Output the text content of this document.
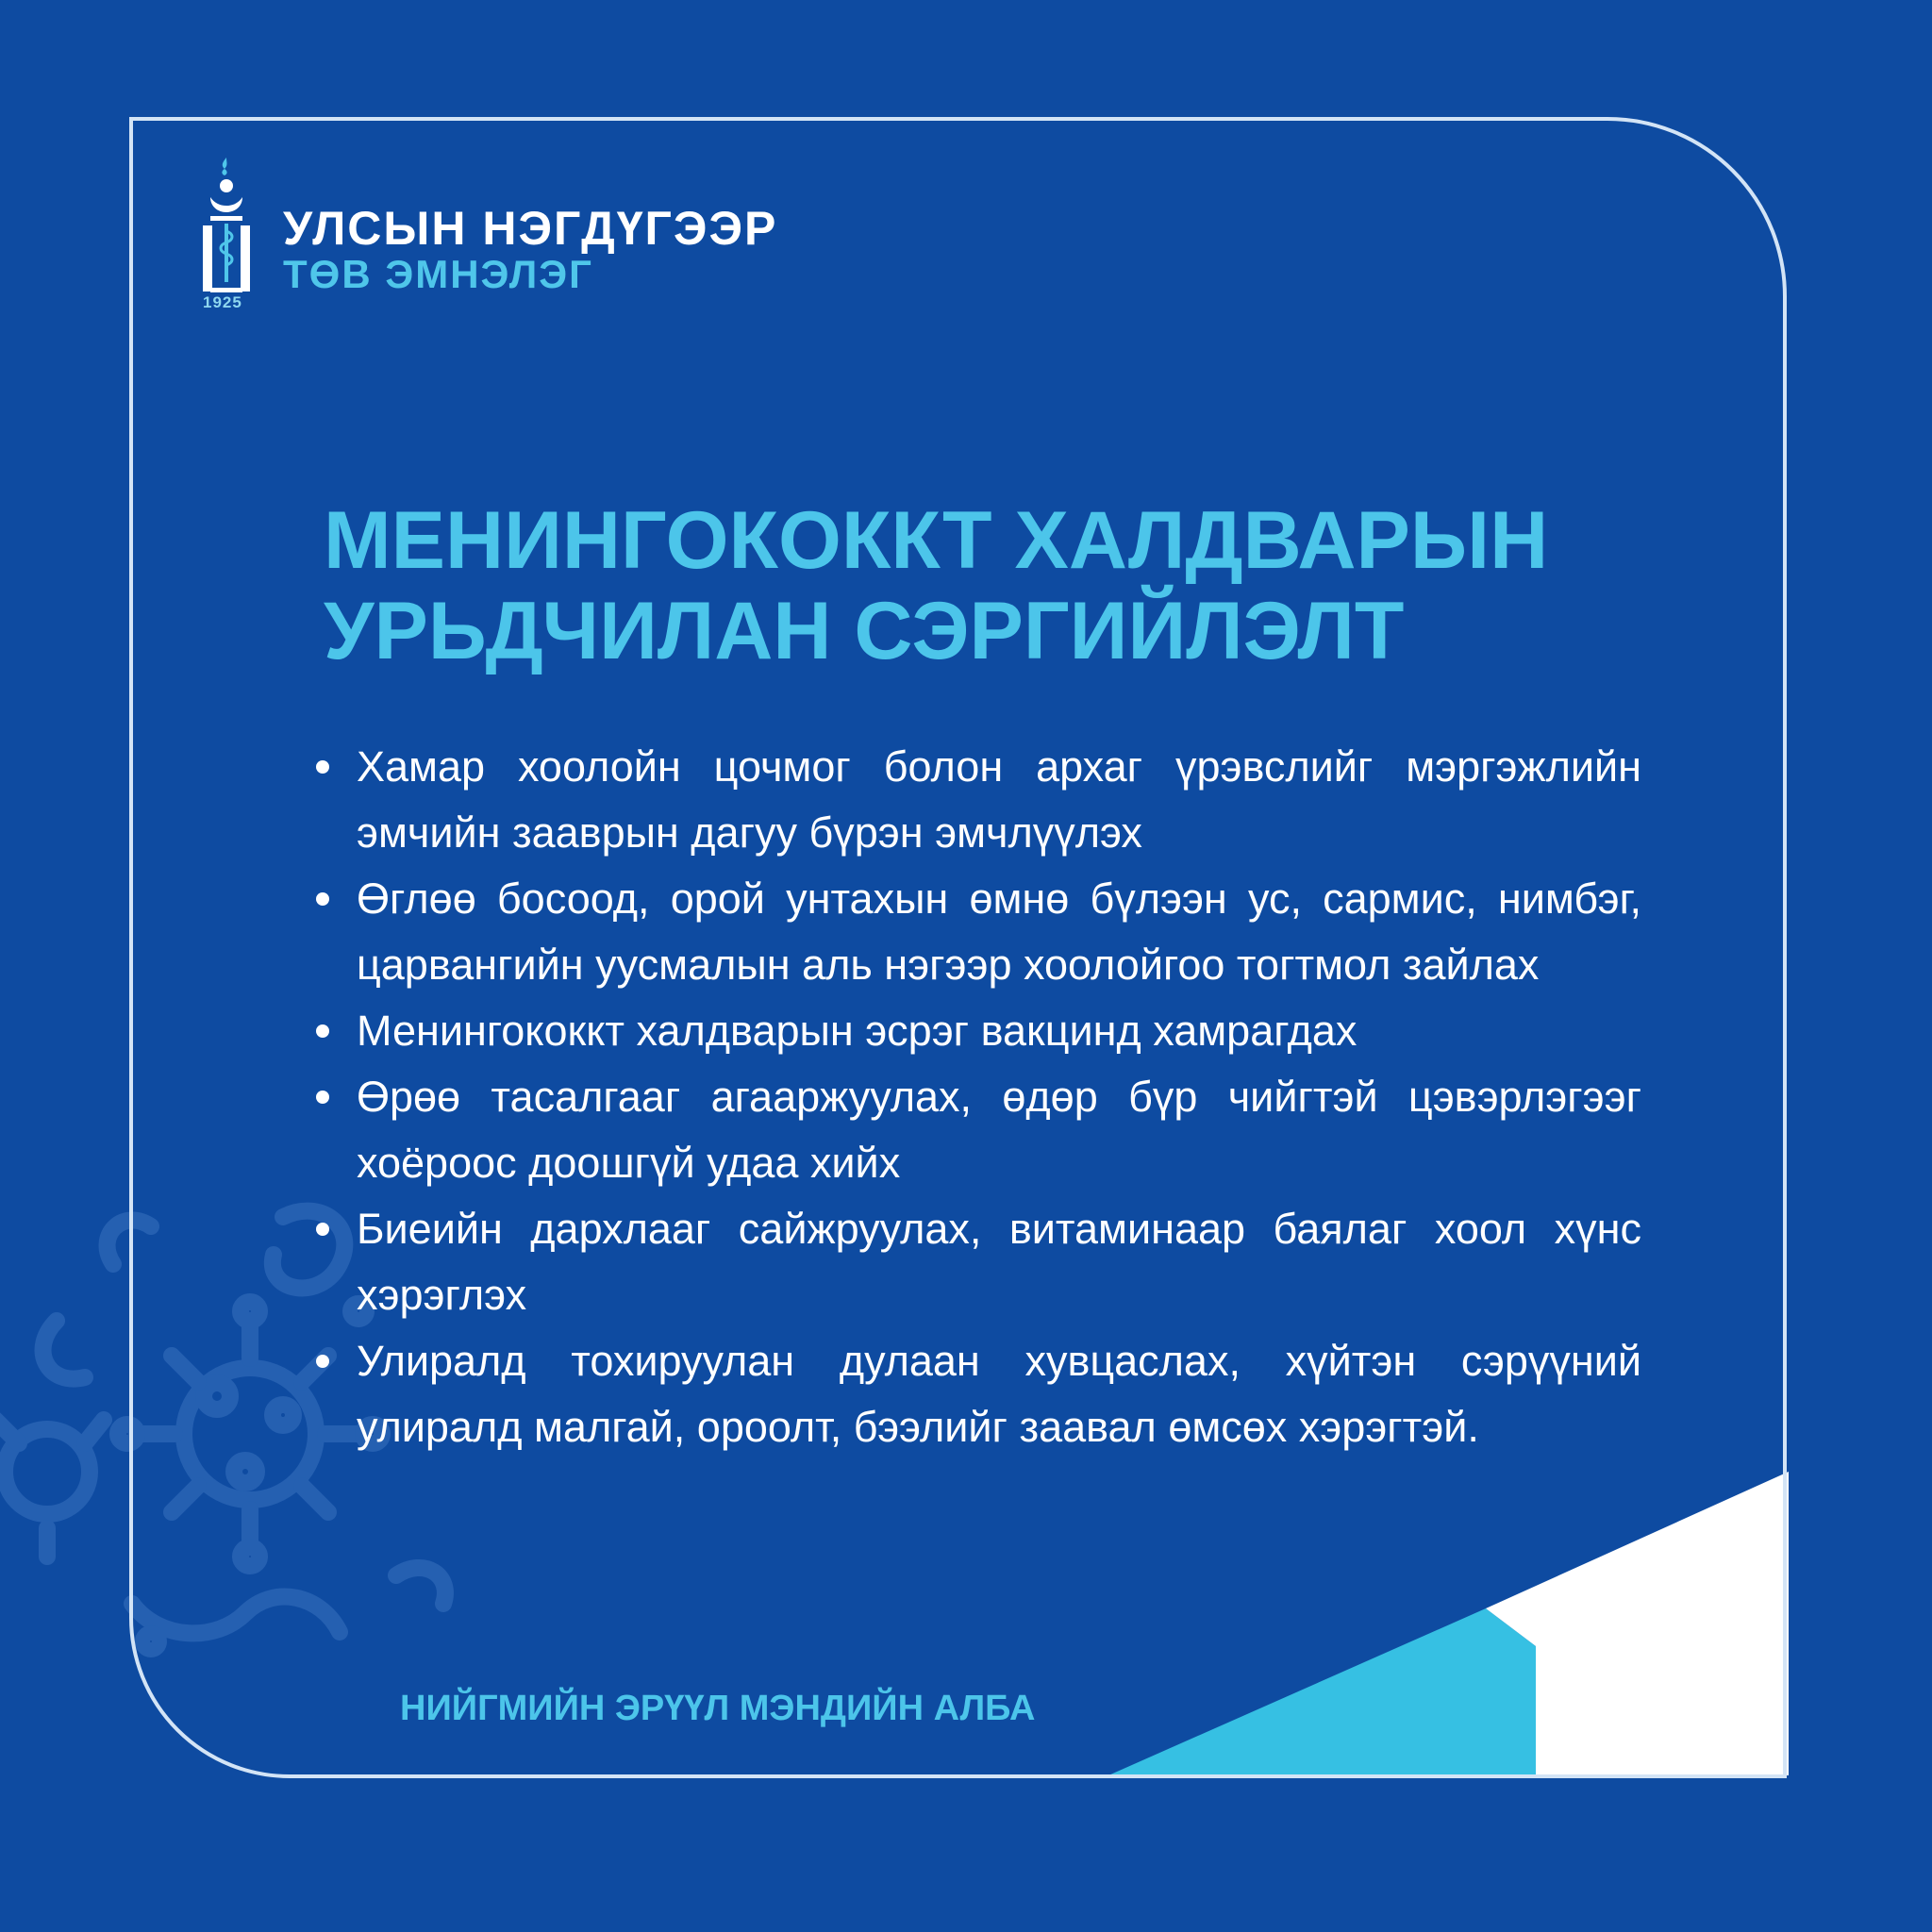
1925
УЛСЫН НЭГДҮГЭЭР
ТӨВ ЭМНЭЛЭГ
МЕНИНГОКОККТ ХАЛДВАРЫН
УРЬДЧИЛАН СЭРГИЙЛЭЛТ
Хамар хоолойн цочмог болон архаг үрэвслийг мэргэжлийн эмчийн зааврын дагуу бүрэн эмчлүүлэх
Өглөө босоод, орой унтахын өмнө бүлээн ус, сармис, нимбэг, царвангийн уусмалын аль нэгээр хоолойгоо тогтмол зайлах
Менингококкт халдварын эсрэг вакцинд хамрагдах
Өрөө тасалгааг агааржуулах, өдөр бүр чийгтэй цэвэрлэгээг хоёроос доошгүй удаа хийх
Биеийн дархлааг сайжруулах, витаминаар баялаг хоол хүнс хэрэглэх
Улиралд тохируулан дулаан хувцаслах, хүйтэн сэрүүний улиралд малгай, ороолт, бээлийг заавал өмсөх хэрэгтэй.
НИЙГМИЙН ЭРҮҮЛ МЭНДИЙН АЛБА
